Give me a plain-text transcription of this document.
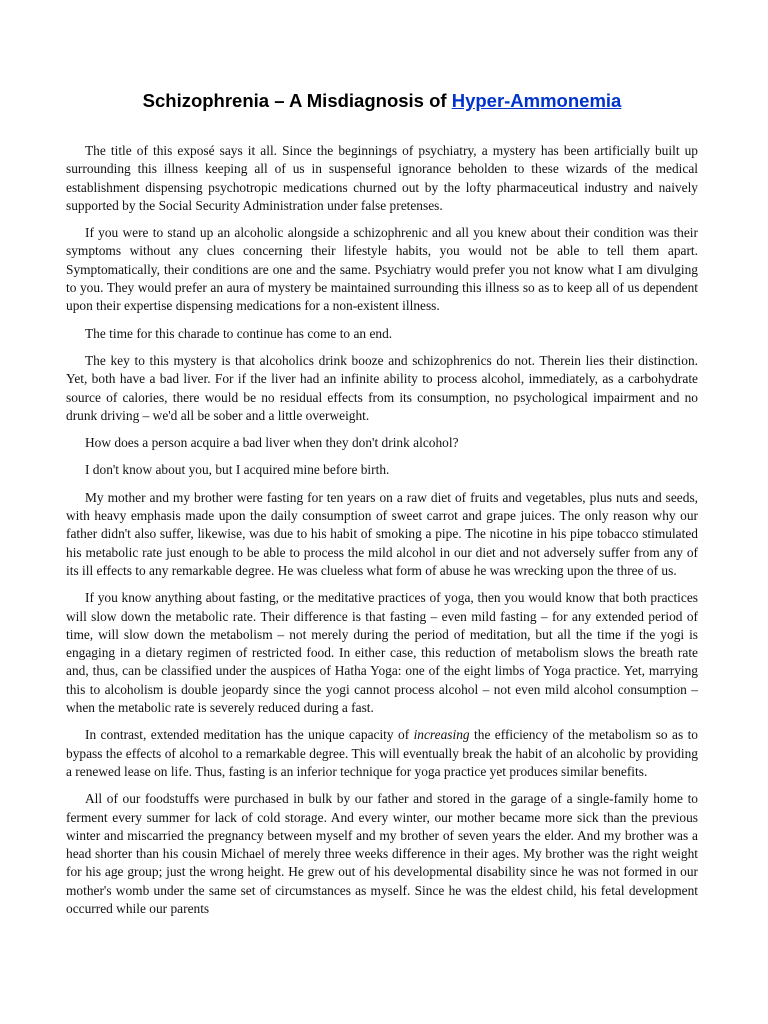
Schizophrenia – A Misdiagnosis of Hyper-Ammonemia

The title of this exposé says it all. Since the beginnings of psychiatry, a mystery has been artificially built up surrounding this illness keeping all of us in suspenseful ignorance beholden to these wizards of the medical establishment dispensing psychotropic medications churned out by the lofty pharmaceutical industry and naively supported by the Social Security Administration under false pretenses.

If you were to stand up an alcoholic alongside a schizophrenic and all you knew about their condition was their symptoms without any clues concerning their lifestyle habits, you would not be able to tell them apart. Symptomatically, their conditions are one and the same. Psychiatry would prefer you not know what I am divulging to you. They would prefer an aura of mystery be maintained surrounding this illness so as to keep all of us dependent upon their expertise dispensing medications for a non-existent illness.

The time for this charade to continue has come to an end.

The key to this mystery is that alcoholics drink booze and schizophrenics do not. Therein lies their distinction. Yet, both have a bad liver. For if the liver had an infinite ability to process alcohol, immediately, as a carbohydrate source of calories, there would be no residual effects from its consumption, no psychological impairment and no drunk driving – we'd all be sober and a little overweight.

How does a person acquire a bad liver when they don't drink alcohol?

I don't know about you, but I acquired mine before birth.

My mother and my brother were fasting for ten years on a raw diet of fruits and vegetables, plus nuts and seeds, with heavy emphasis made upon the daily consumption of sweet carrot and grape juices. The only reason why our father didn't also suffer, likewise, was due to his habit of smoking a pipe. The nicotine in his pipe tobacco stimulated his metabolic rate just enough to be able to process the mild alcohol in our diet and not adversely suffer from any of its ill effects to any remarkable degree. He was clueless what form of abuse he was wrecking upon the three of us.

If you know anything about fasting, or the meditative practices of yoga, then you would know that both practices will slow down the metabolic rate. Their difference is that fasting – even mild fasting – for any extended period of time, will slow down the metabolism – not merely during the period of meditation, but all the time if the yogi is engaging in a dietary regimen of restricted food. In either case, this reduction of metabolism slows the breath rate and, thus, can be classified under the auspices of Hatha Yoga: one of the eight limbs of Yoga practice. Yet, marrying this to alcoholism is double jeopardy since the yogi cannot process alcohol – not even mild alcohol consumption – when the metabolic rate is severely reduced during a fast.

In contrast, extended meditation has the unique capacity of increasing the efficiency of the metabolism so as to bypass the effects of alcohol to a remarkable degree. This will eventually break the habit of an alcoholic by providing a renewed lease on life. Thus, fasting is an inferior technique for yoga practice yet produces similar benefits.

All of our foodstuffs were purchased in bulk by our father and stored in the garage of a single-family home to ferment every summer for lack of cold storage. And every winter, our mother became more sick than the previous winter and miscarried the pregnancy between myself and my brother of seven years the elder. And my brother was a head shorter than his cousin Michael of merely three weeks difference in their ages. My brother was the right weight for his age group; just the wrong height. He grew out of his developmental disability since he was not formed in our mother's womb under the same set of circumstances as myself. Since he was the eldest child, his fetal development occurred while our parents
